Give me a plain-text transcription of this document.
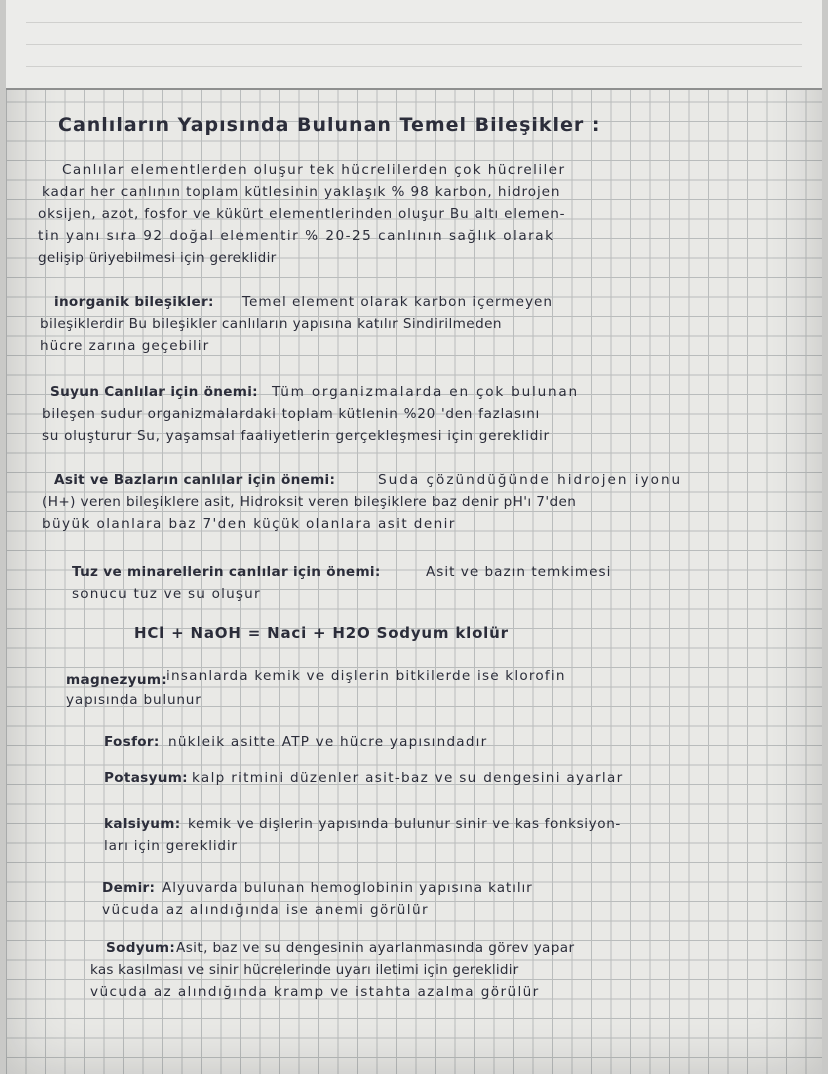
Canlıların Yapısında Bulunan Temel Bileşikler :
Canlılar elementlerden oluşur tek hücrelilerden çok hücreliler
kadar her canlının toplam kütlesinin yaklaşık % 98 karbon, hidrojen
oksijen, azot, fosfor ve kükürt elementlerinden oluşur Bu altı elemen-
tin yanı sıra 92 doğal elementir % 20-25 canlının sağlık olarak
gelişip üriyebilmesi için gereklidir
inorganik bileşikler: Temel element olarak karbon içermeyen
bileşiklerdir Bu bileşikler canlıların yapısına katılır Sindirilmeden
hücre zarına geçebilir
Suyun Canlılar için önemi: Tüm organizmalarda en çok bulunan
bileşen sudur organizmalardaki toplam kütlenin %20 'den fazlasını
su oluşturur Su, yaşamsal faaliyetlerin gerçekleşmesi için gereklidir
Asit ve Bazların canlılar için önemi:	Suda çözündüğünde hidrojen iyonu
(H+) veren bileşiklere asit, Hidroksit veren bileşiklere baz denir pH'ı 7'den
büyük olanlara baz 7'den küçük olanlara asit denir
Tuz ve minarellerin canlılar için önemi:	Asit ve bazın temkimesi
sonucu tuz ve su oluşur
HCl + NaOH = Naci + H2O Sodyum klolür
magnezyum:
insanlarda kemik ve dişlerin bitkilerde ise klorofin
yapısında bulunur
Fosfor: nükleik asitte ATP ve hücre yapısındadır
Potasyum: kalp ritmini düzenler asit-baz ve su dengesini ayarlar
kalsiyum: kemik ve dişlerin yapısında bulunur sinir ve kas fonksiyon-
ları için gereklidir
Demir: Alyuvarda bulunan hemoglobinin yapısına katılır
vücuda az alındığında ise anemi görülür
Sodyum: Asit, baz ve su dengesinin ayarlanmasında görev yapar
kas kasılması ve sinir hücrelerinde uyarı iletimi için gereklidir
vücuda az alındığında kramp ve istahta azalma görülür
